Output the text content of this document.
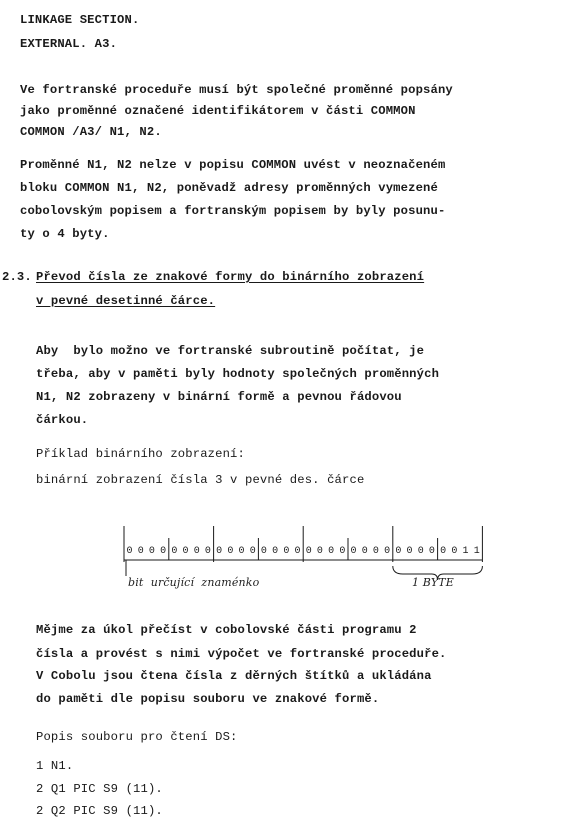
LINKAGE SECTION.
EXTERNAL. A3.
Ve fortranské proceduře musí být společné proměnné popsány
jako proměnné označené identifikátorem v části COMMON
COMMON /A3/ N1, N2.
Proměnné N1, N2 nelze v popisu COMMON uvést v neoznačeném
bloku COMMON N1, N2, poněvadž adresy proměnných vymezené
cobolovským popisem a fortranským popisem by byly posunu-
ty o 4 byty.
2.3. Převod čísla ze znakové formy do binárního zobrazení
v pevné desetinné čárce.
Aby  bylo možno ve fortranské subroutině počítat, je
třeba, aby v paměti byly hodnoty společných proměnných
N1, N2 zobrazeny v binární formě a pevnou řádovou
čárkou.
Příklad binárního zobrazení:
binární zobrazení čísla 3 v pevné des. čárce
0 0 0 0 0 0 0 0 0 0 0 0 0 0 0 0 0 0 0 0 0 0 0 0 0 0 0 0 0 0 1 1
bit  určující  znaménko	1 BYTE
Mějme za úkol přečíst v cobolovské části programu 2
čísla a provést s nimi výpočet ve fortranské proceduře.
V Cobolu jsou čtena čísla z děrných štítků a ukládána
do paměti dle popisu souboru ve znakové formě.
Popis souboru pro čtení DS:
1 N1.
2 Q1 PIC S9 (11).
2 Q2 PIC S9 (11).
